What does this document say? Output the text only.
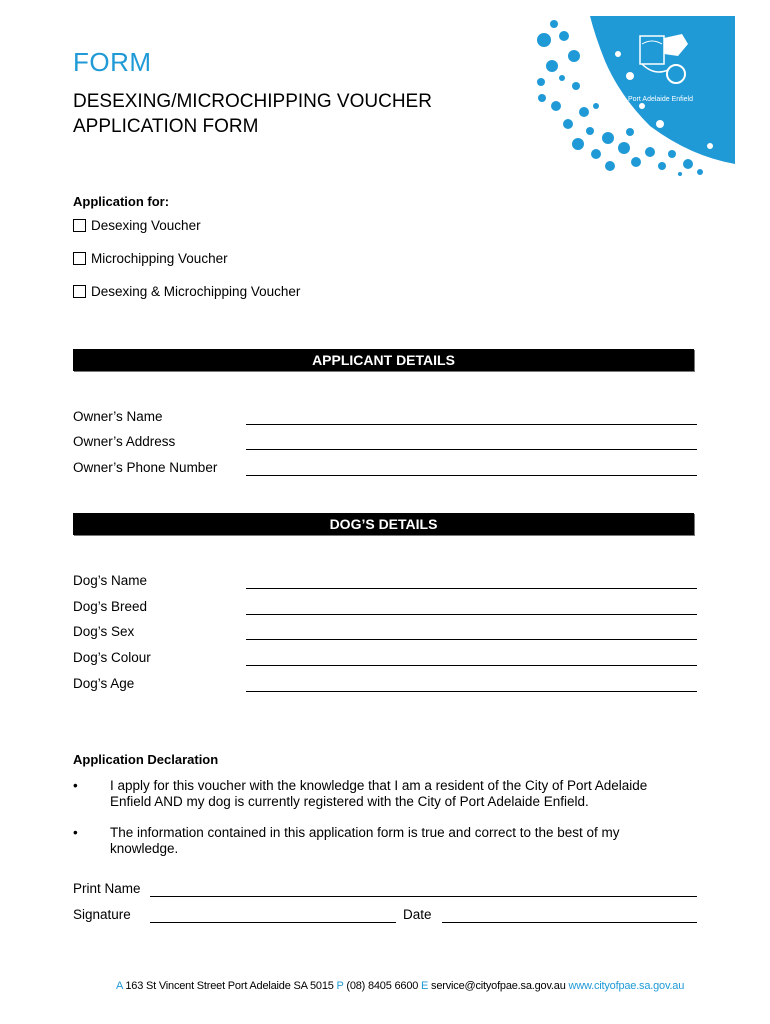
FORM
DESEXING/MICROCHIPPING VOUCHER
APPLICATION FORM
Port Adelaide Enfield
Application for:
Desexing Voucher
Microchipping Voucher
Desexing & Microchipping Voucher
APPLICANT DETAILS
Owner’s Name
Owner’s Address
Owner’s Phone Number
DOG’S DETAILS
Dog’s Name
Dog’s Breed
Dog’s Sex
Dog’s Colour
Dog’s Age
Application Declaration
• I apply for this voucher with the knowledge that I am a resident of the City of Port Adelaide
Enfield AND my dog is currently registered with the City of Port Adelaide Enfield.
• The information contained in this application form is true and correct to the best of my
knowledge.
Print Name
Signature	Date
A 163 St Vincent Street Port Adelaide SA 5015 P (08) 8405 6600 E service@cityofpae.sa.gov.au www.cityofpae.sa.gov.au
